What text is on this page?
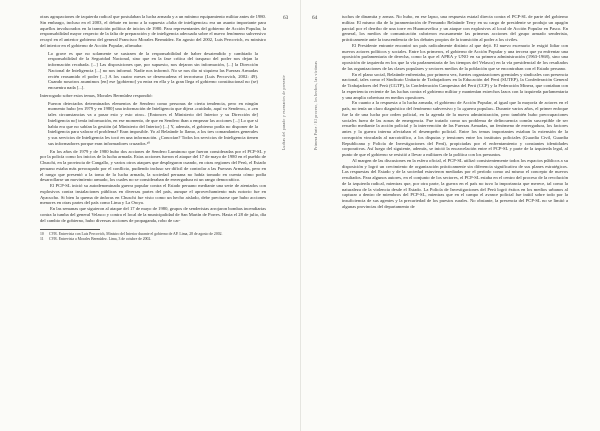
otras agrupaciones de izquierda radical que postulaban la lucha armada y a un mínimo equipamiento militar antes de 1980. Sin embargo, incluso en el 2003, el debate en torno a la supuesta «falta de inteligencia» era un asunto importante para aquellos involucrados en la transición política de inicios de 1980. Para representantes del gobierno de Acción Popular, la responsabilidad mayor respecto de la falta de preparación y de inteligencia adecuada sobre el nuevo fenómeno subversivo recayó en el anterior gobierno del general Francisco Morales Bermúdez. En agosto del 2002, Luis Percovich, ex ministro del interior en el gobierno de Acción Popular, afirmaba:

Lo grave es que no solamente se sustraen de la responsabilidad de haber desatendido y cambiado la responsabilidad de la Seguridad Nacional, sino que en la fase crítica del traspaso del poder nos dejan la información recabada. [...] Las disposiciones que, por supuesto, nos dejaron sin información, [...] la Dirección Nacional de Inteligencia [...] no nos informó. Nadie nos informó. No se nos dio ni siquiera las Fuerzas Armadas recién reasumido el poder [...] A los cuatro meses se desencadena el terrorismo (Luis Percovich, 2002: 49). Cuando nosotros asumimos [en] ese [gobierno] ya entra en ella y la gran llega el gobierno constitucional no (se) encuentra nada [...].

Interrogado sobre estos temas, Morales Bermúdez respondió:

Fueron detectados determinados elementos de Sendero como personas de cierta tendencia, pero en ningún momento hubo [en 1979 y en 1980] una información de Inteligencia que dijera «cuidado, aquí va Sendero», o «en tales circunstancias va a pasar esto y esto otro». [Entonces el Ministerio del Interior y su Dirección de] Inteligencia no] tenía información, en ese momento, de que en Sendero iban a empezar las acciones [...] Lo que sí había era que no sabían la gestión (al Ministerio del Interior) [...] Y, además, el gobierno podía no disponer de la Inteligencia para valorar el problema? Eran imposible. Yo al Belaúnde lo llamo, a los tres comandantes generales y sus servicios de Inteligencia les tocó en una información. ¿Conocían? Todos los servicios de Inteligencia tienen sus informadores porque eran informadores cruzados.¹⁰

En los años de 1979 y de 1980 hubo dos acciones de Sendero Luminoso que fueron consideradas por el PCP-SL y por la policía como los inicios de la lucha armada. Estas acciones fueron el ataque del 17 de mayo de 1980 en el pueblo de Chuschi, en la provincia de Cangallo, y varios otros ataques que desplegaron cuando, en otras regiones del Perú, el Estado peruano estaba más preocupado por el conflicto, pudiendo incluso ser difícil de controlar a las Fuerzas Armadas, pero en el rango que presentó a la toma de la lucha armada, la sociedad peruana no había tomado en cuenta cómo podía desarrollarse un movimiento armado, los cuales no se consideraban de envergadura ni un rango democrático.

El PCP-SL inició su autodenominada guerra popular contra el Estado peruano mediante una serie de atentados con explosivos contra instalaciones públicas en diversas partes del país, aunque el aprovechamiento más notorio fue en Ayacucho. Si bien la quema de ánforas en Chuschi fue visto como un hecho aislado, debe precisarse que hubo acciones menores en otras partes del país como Lima y La Oroya.

En las semanas que siguieron al ataque del 17 de mayo de 1980, grupos de senderistas arrojaron bombas incendiarias contra la tumba del general Velasco y contra el local de la municipalidad de San Martín de Porres. Hasta el 28 de julio, día del cambio de gobierno, hubo diversas acciones de propaganda, robo de car-

10	CVR. Entrevista con Luis Percovich, Ministro del Interior durante el gobierno de AP. Lima, 28 de agosto de 2002.
11	CVR. Entrevista a Morales Bermúdez. Lima, 3 de octubre de 2002.
63
Luchas del pasado y escenarios de presente

tuchos de dinamita y armas. No hubo, en ese lapso, una respuesta estatal directa contra el PCP-SL de parte del gobierno militar. El mismo día de la juramentación de Fernando Belaúnde Terry en su cargo de presidente se produjo un apagón parcial por el derribo de una torre en Huancavelica y un ataque con explosivos al local de Acción Popular en Pasco. En general, los medios de comunicación cubrieron escasamente las primeras acciones del grupo armado senderista, prácticamente ante la trascendencia de los debates propios de la transición al poder a los civiles.

El Presidente entrante encontró un país radicalmente distinto al que dejó. El nuevo escenario le exigió lidiar con nuevos actores políticos y sociales. Entre los primeros, el gobierno de Acción Popular y una tercera que ya enfrentar una oposición parlamentaria de derecha, como la que el APRA y UNO en su primera administración (1963-1968), sino una oposición de izquierda en los que la vía parlamentaria de los tiempos del Velasco) en la vía presidencial de los resultados de las organizaciones de las clases populares y sectores medios de la población que se encontraban con el Estado peruano.

En el plano social, Belaúnde enfrentaba, por primera vez, fuertes organizaciones gremiales y sindicales con presencia nacional, tales como el Sindicato Unitario de Trabajadores en la Educación del Perú (SUTEP), la Confederación General de Trabajadores del Perú (CGTP), la Confederación Campesina del Perú (CCP) y la Federación Minera, que contaban con la experiencia reciente de las luchas contra el gobierno militar y mantenían estrechos lazos con la izquierda parlamentaria y una amplia cobertura en medios opositores.

En cuanto a la respuesta a la lucha armada, el gobierno de Acción Popular, al igual que la mayoría de actores en el país, no tenía un claro diagnóstico del fenómeno subversivo y la «guerra popular». Durante varios años, el primer enfoque fue la de una lucha por orden policial, en la agenda de la nueva administración, pero también hubo preocupaciones sociales fuera de las zonas de emergencia. Fue tratado como un problema de delincuencia común susceptible de ser resuelto mediante la acción policial y la intervención de las Fuerzas Armadas, un fenómeno de envergadura, los factores antes y la guerra interna afectaban el desempeño policial. Entre los temas importantes estaban la extensión de la corrupción vinculada al narcotráfico, a los disputas y tensiones entre los institutos policiales (Guardia Civil, Guardia Republicana y Policía de Investigaciones del Perú), propiciadas por el enfrentamiento y constantes identidades corporativas. Así luego del siguiente, además, se inició la encarcelación entre el PCP-SL y parte de la izquierda legal, al punto de que el gobierno se resistió a llevar a militares de la política con los presuntos.

Al margen de las discusiones en la esfera oficial, el PCP-SL utilizó consistentemente todos los espacios públicos a su disposición y logró un crecimiento de organización prácticamente sin diferencia significativa de sus planes estratégicos. Las respuestas del Estado y de la sociedad estuvieron mediadas por el período como así mismo el concepto de nuevos resultados. Para algunos autores, en el conjunto de los sectores, el PCP-SL estaba en el centro del proceso de la revolución de la izquierda radical, mientras que, por otra parte, la guerra en el país no tuvo la importancia que merece, tal como la naturaleza de la violencia desde el Estado. La Policía de Investigaciones del Perú logró éxitos en los medios urbanos al capturar a dentro de miembros del PCP-SL, mientras que en el campo el avance policial fue inútil sobre todo por la insuficiencia de sus agentes y la precariedad de los puestos rurales. No obstante, la presencia del PCP-SL no se limitó a algunas provincias del departamento de

64
Primera Parte / El proceso, los hechos, las víctimas
